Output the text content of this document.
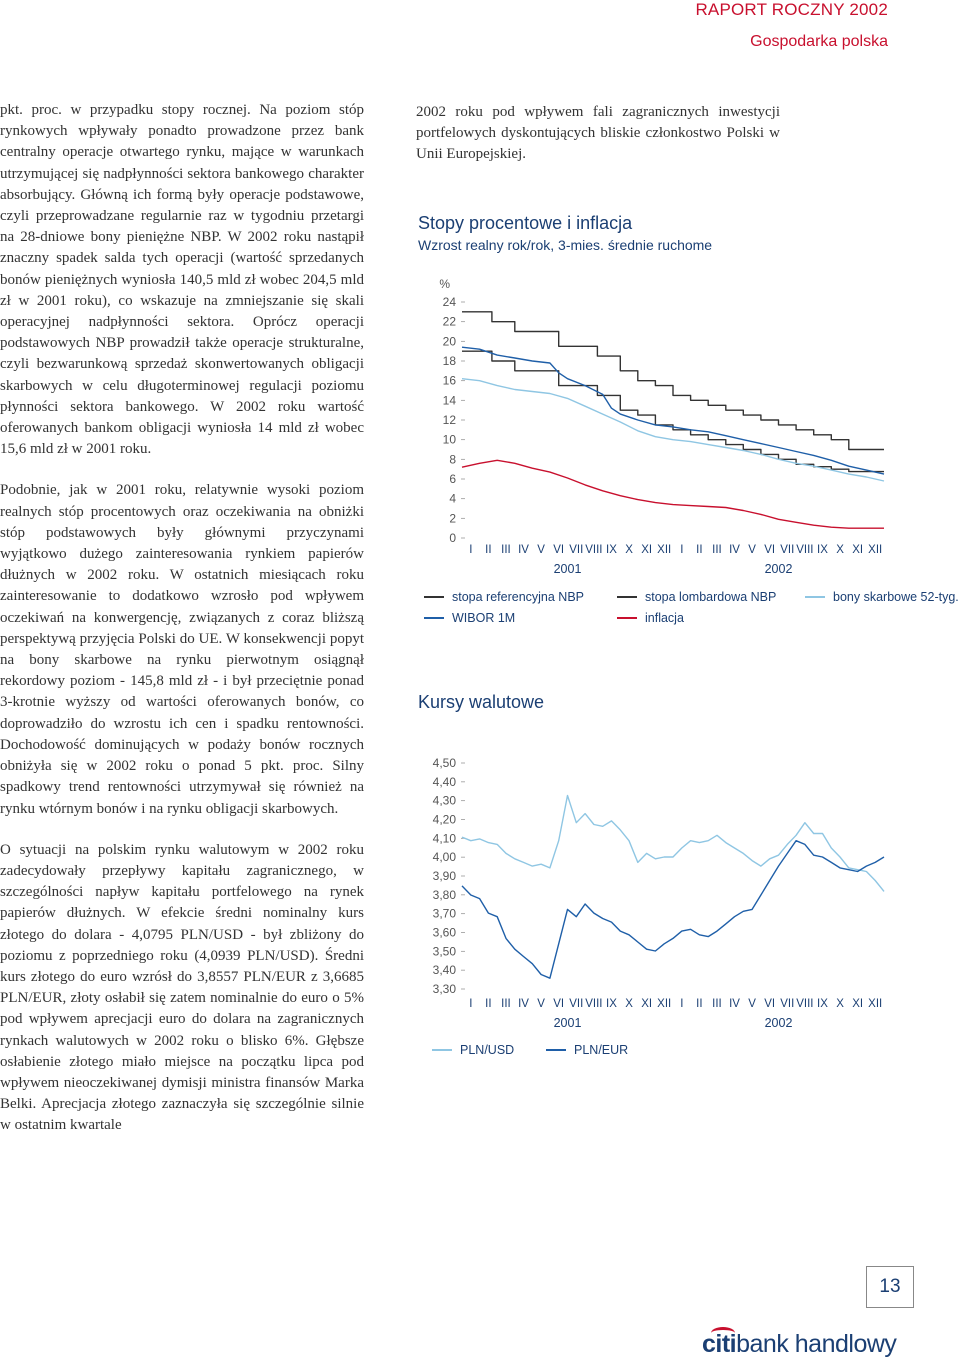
RAPORT ROCZNY 2002
Gospodarka polska

pkt. proc. w przypadku stopy rocznej. Na poziom stóp rynkowych wpływały ponadto prowadzone przez bank centralny operacje otwartego rynku, mające w warunkach utrzymującej się nadpłynności sektora bankowego charakter absorbujący. Główną ich formą były operacje podstawowe, czyli przeprowadzane regularnie raz w tygodniu przetargi na 28-dniowe bony pieniężne NBP. W 2002 roku nastąpił znaczny spadek salda tych operacji (wartość sprzedanych bonów pieniężnych wyniosła 140,5 mld zł wobec 204,5 mld zł w 2001 roku), co wskazuje na zmniejszanie się skali operacyjnej nadpłynności sektora. Oprócz operacji podstawowych NBP prowadził także operacje strukturalne, czyli bezwarunkową sprzedaż skonwertowanych obligacji skarbowych w celu długoterminowej regulacji poziomu płynności sektora bankowego. W 2002 roku wartość oferowanych bankom obligacji wyniosła 14 mld zł wobec 15,6 mld zł w 2001 roku.

Podobnie, jak w 2001 roku, relatywnie wysoki poziom realnych stóp procentowych oraz oczekiwania na obniżki stóp podstawowych były głównymi przyczynami wyjątkowo dużego zainteresowania rynkiem papierów dłużnych w 2002 roku. W ostatnich miesiącach roku zainteresowanie to dodatkowo wzrosło pod wpływem oczekiwań na konwergencję, związanych z coraz bliższą perspektywą przyjęcia Polski do UE. W konsekwencji popyt na bony skarbowe na rynku pierwotnym osiągnął rekordowy poziom - 145,8 mld zł - i był przeciętnie ponad 3-krotnie wyższy od wartości oferowanych bonów, co doprowadziło do wzrostu ich cen i spadku rentowności. Dochodowość dominujących w podaży bonów rocznych obniżyła się w 2002 roku o ponad 5 pkt. proc. Silny spadkowy trend rentowności utrzymywał się również na rynku wtórnym bonów i na rynku obligacji skarbowych.

O sytuacji na polskim rynku walutowym w 2002 roku zadecydowały przepływy kapitału zagranicznego, w szczególności napływ kapitału portfelowego na rynek papierów dłużnych. W efekcie średni nominalny kurs złotego do dolara - 4,0795 PLN/USD - był zbliżony do poziomu z poprzedniego roku (4,0939 PLN/USD). Średni kurs złotego do euro wzrósł do 3,8557 PLN/EUR z 3,6685 PLN/EUR, złoty osłabił się zatem nominalnie do euro o 5% pod wpływem aprecjacji euro do dolara na zagranicznych rynkach walutowych w 2002 roku o blisko 6%. Głębsze osłabienie złotego miało miejsce na początku lipca pod wpływem nieoczekiwanej dymisji ministra finansów Marka Belki. Aprecjacja złotego zaznaczyła się szczególnie silnie w ostatnim kwartale

2002 roku pod wpływem fali zagranicznych inwestycji portfelowych dyskontujących bliskie członkostwo Polski w Unii Europejskiej.
Stopy procentowe i inflacja
Wzrost realny rok/rok, 3-mies. średnie ruchome
Kursy walutowe
24
22
20
18
16
14
12
10
8
6
4
2
0
%
I II III IV V VI VII VIII IX X XI XII I II III IV V VI VII VIII IX X XI XII
2001	2002
stopa referencyjna NBP	stopa lombardowa NBP	bony skarbowe 52-tyg.
WIBOR 1M	inflacja
4,50
4,40
4,30
4,20
4,10
4,00
3,90
3,80
3,70
3,60
3,50
3,40
3,30
I II III IV V VI VII VIII IX X XI XII I II III IV V VI VII VIII IX X XI XII
2001	2002
PLN/USD	PLN/EUR
13
citibank handlowy
